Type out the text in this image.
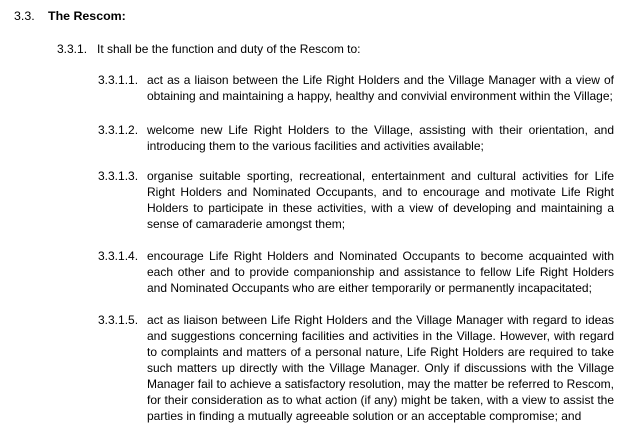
3.3. The Rescom:
3.3.1. It shall be the function and duty of the Rescom to:
3.3.1.1. act as a liaison between the Life Right Holders and the Village Manager with a view of obtaining and maintaining a happy, healthy and convivial environment within the Village;
3.3.1.2. welcome new Life Right Holders to the Village, assisting with their orientation, and introducing them to the various facilities and activities available;
3.3.1.3. organise suitable sporting, recreational, entertainment and cultural activities for Life Right Holders and Nominated Occupants, and to encourage and motivate Life Right Holders to participate in these activities, with a view of developing and maintaining a sense of camaraderie amongst them;
3.3.1.4. encourage Life Right Holders and Nominated Occupants to become acquainted with each other and to provide companionship and assistance to fellow Life Right Holders and Nominated Occupants who are either temporarily or permanently incapacitated;
3.3.1.5. act as liaison between Life Right Holders and the Village Manager with regard to ideas and suggestions concerning facilities and activities in the Village. However, with regard to complaints and matters of a personal nature, Life Right Holders are required to take such matters up directly with the Village Manager. Only if discussions with the Village Manager fail to achieve a satisfactory resolution, may the matter be referred to Rescom, for their consideration as to what action (if any) might be taken, with a view to assist the parties in finding a mutually agreeable solution or an acceptable compromise; and
